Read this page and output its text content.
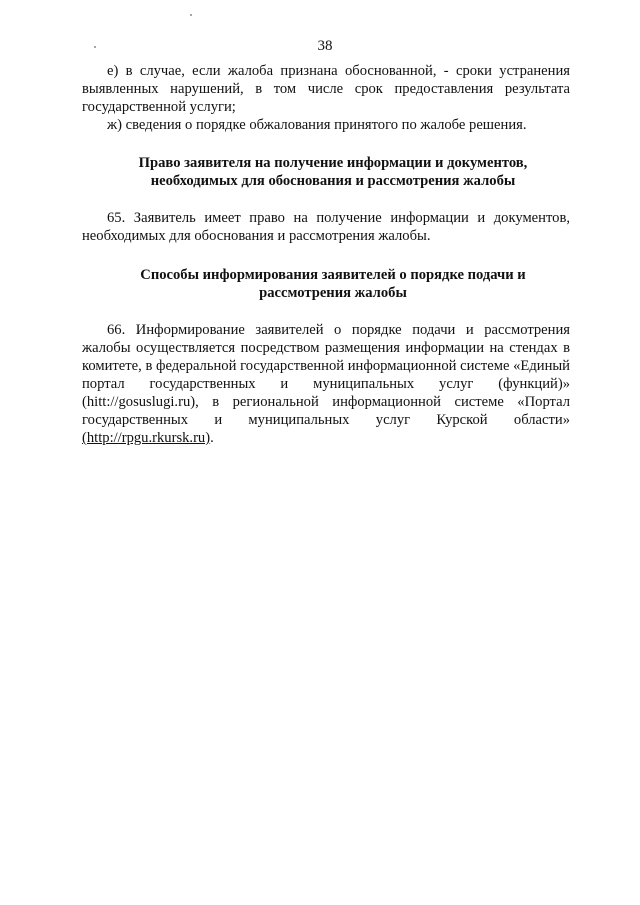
38

е) в случае, если жалоба признана обоснованной, - сроки устранения выявленных нарушений, в том числе срок предоставления результата государственной услуги;

ж) сведения о порядке обжалования принятого по жалобе решения.

Право заявителя на получение информации и документов, необходимых для обоснования и рассмотрения жалобы

65. Заявитель имеет право на получение информации и документов, необходимых для обоснования и рассмотрения жалобы.

Способы информирования заявителей о порядке подачи и рассмотрения жалобы

66. Информирование заявителей о порядке подачи и рассмотрения жалобы осуществляется посредством размещения информации на стендах в комитете, в федеральной государственной информационной системе «Единый портал государственных и муниципальных услуг (функций)» (hitt://gosuslugi.ru), в региональной информационной системе «Портал государственных и муниципальных услуг Курской области» (http://rpgu.rkursk.ru).
